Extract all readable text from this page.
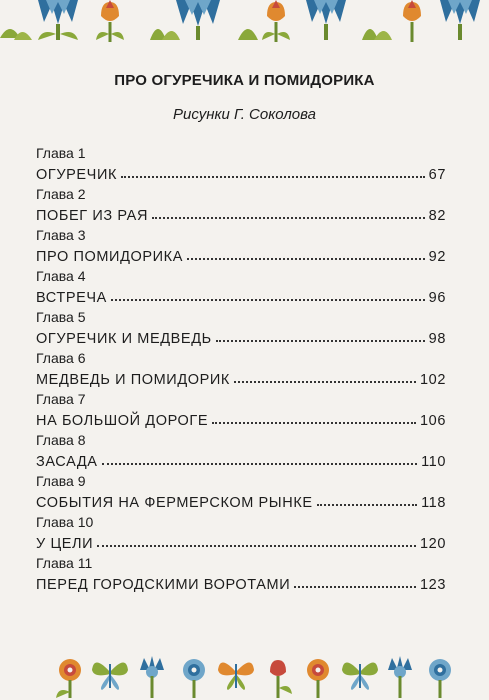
ПРО ОГУРЕЧИКА И ПОМИДОРИКА
Рисунки Г. Соколова
Глава 1
ОГУРЕЧИК	67
Глава 2
ПОБЕГ ИЗ РАЯ	82
Глава 3
ПРО ПОМИДОРИКА	92
Глава 4
ВСТРЕЧА	96
Глава 5
ОГУРЕЧИК И МЕДВЕДЬ	98
Глава 6
МЕДВЕДЬ И ПОМИДОРИК	102
Глава 7
НА БОЛЬШОЙ ДОРОГЕ	106
Глава 8
ЗАСАДА	110
Глава 9
СОБЫТИЯ НА ФЕРМЕРСКОМ РЫНКЕ	118
Глава 10
У ЦЕЛИ	120
Глава 11
ПЕРЕД ГОРОДСКИМИ ВОРОТАМИ	123
